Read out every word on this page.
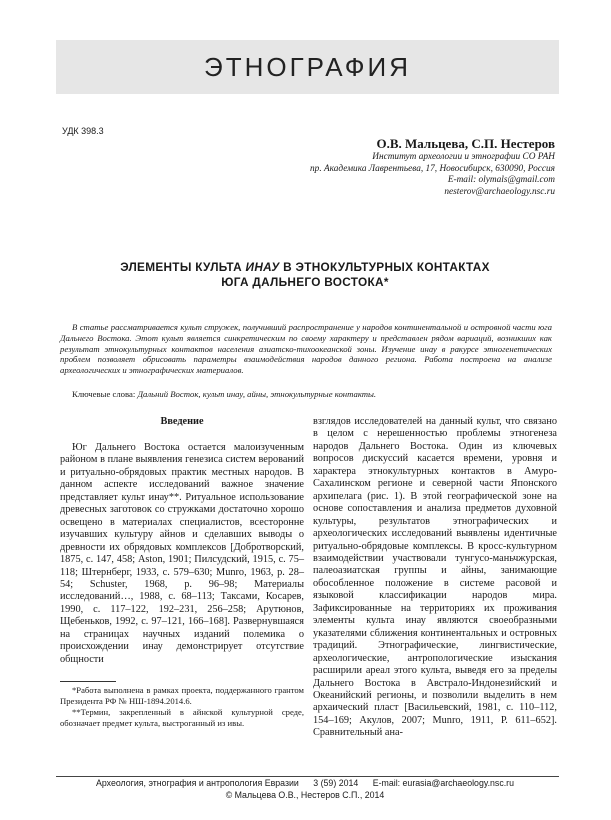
ЭТНОГРАФИЯ
УДК 398.3
О.В. Мальцева, С.П. Нестеров
Институт археологии и этнографии СО РАН
пр. Академика Лаврентьева, 17, Новосибирск, 630090, Россия
E-mail: olymals@gmail.com
nesterov@archaeology.nsc.ru
ЭЛЕМЕНТЫ КУЛЬТА ИНАУ В ЭТНОКУЛЬТУРНЫХ КОНТАКТАХ
ЮГА ДАЛЬНЕГО ВОСТОКА*

В статье рассматривается культ стружек, получивший распространение у народов континентальной и островной части юга Дальнего Востока. Этот культ является синкретическим по своему характеру и представлен рядом вариаций, возникших как результат этнокультурных контактов населения азиатско-тихоокеанской зоны. Изучение инау в ракурсе этногенетических проблем позволяет обрисовать параметры взаимодействия народов данного региона. Работа построена на анализе археологических и этнографических материалов.

Ключевые слова: Дальний Восток, культ инау, айны, этнокультурные контакты.
Введение

Юг Дальнего Востока остается малоизученным районом в плане выявления генезиса систем верований и ритуально-обрядовых практик местных народов. В данном аспекте исследований важное значение представляет культ инау**. Ритуальное использование древесных заготовок со стружками достаточно хорошо освещено в материалах специалистов, всесторонне изучавших культуру айнов и сделавших выводы о древности их обрядовых комплексов [Добротворский, 1875, с. 147, 458; Aston, 1901; Пилсудский, 1915, с. 75–118; Штернберг, 1933, с. 579–630; Munro, 1963, р. 28–54; Schuster, 1968, р. 96–98; Материалы исследований…, 1988, с. 68–113; Таксами, Косарев, 1990, с. 117–122, 192–231, 256–258; Арутюнов, Щебеньков, 1992, с. 97–121, 166–168]. Развернувшаяся на страницах научных изданий полемика о происхождении инау демонстрирует отсутствие общности

взглядов исследователей на данный культ, что связано в целом с нерешенностью проблемы этногенеза народов Дальнего Востока. Один из ключевых вопросов дискуссий касается времени, уровня и характера этнокультурных контактов в Амуро-Сахалинском регионе и северной части Японского архипелага (рис. 1). В этой географической зоне на основе сопоставления и анализа предметов духовной культуры, результатов этнографических и археологических исследований выявлены идентичные ритуально-обрядовые комплексы. В кросс-культурном взаимодействии участвовали тунгусо-маньчжурская, палеоазиатская группы и айны, занимающие обособленное положение в системе расовой и языковой классификации народов мира. Зафиксированные на территориях их проживания элементы культа инау являются своеобразными указателями сближения континентальных и островных традиций. Этнографические, лингвистические, археологические, антропологические изыскания расширили ареал этого культа, выведя его за пределы Дальнего Востока в Австрало-Индонезийский и Океанийский регионы, и позволили выделить в нем архаический пласт [Васильевский, 1981, с. 110–112, 154–169; Акулов, 2007; Munro, 1911, Р. 611–652]. Сравнительный ана-

*Работа выполнена в рамках проекта, поддержанного грантом Президента РФ № НШ-1894.2014.6.

**Термин, закрепленный в айнской культурной среде, обозначает предмет культа, выстроганный из ивы.

Археология, этнография и антропология Евразии 3 (59) 2014 E-mail: eurasia@archaeology.nsc.ru
© Мальцева О.В., Нестеров С.П., 2014
